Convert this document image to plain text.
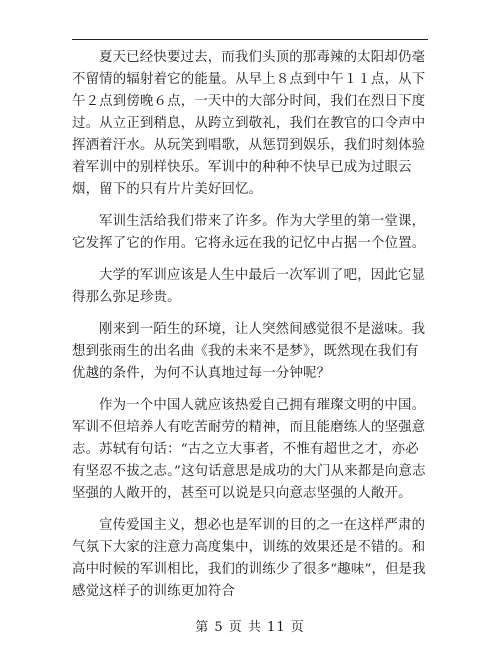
夏天已经快要过去，而我们头顶的那毒辣的太阳却仍毫不留情的辐射着它的能量。从早上８点到中午１１点，从下午２点到傍晚６点，一天中的大部分时间，我们在烈日下度过。从立正到稍息，从跨立到敬礼，我们在教官的口令声中挥洒着汗水。从玩笑到唱歌，从惩罚到娱乐，我们时刻体验着军训中的别样快乐。军训中的种种不快早已成为过眼云烟，留下的只有片片美好回忆。

军训生活给我们带来了许多。作为大学里的第一堂课，它发挥了它的作用。它将永远在我的记忆中占据一个位置。

大学的军训应该是人生中最后一次军训了吧，因此它显得那么弥足珍贵。

刚来到一陌生的环境，让人突然间感觉很不是滋味。我想到张雨生的出名曲《我的未来不是梦》，既然现在我们有优越的条件，为何不认真地过每一分钟呢？

作为一个中国人就应该热爱自己拥有璀璨文明的中国。军训不但培养人有吃苦耐劳的精神，而且能磨练人的坚强意志。苏轼有句话：“古之立大事者，不惟有超世之才，亦必有坚忍不拔之志。”这句话意思是成功的大门从来都是向意志坚强的人敞开的，甚至可以说是只向意志坚强的人敞开。

宣传爱国主义，想必也是军训的目的之一在这样严肃的气氛下大家的注意力高度集中，训练的效果还是不错的。和高中时候的军训相比，我们的训练少了很多“趣味”，但是我感觉这样子的训练更加符合

第 5 页 共 11 页
